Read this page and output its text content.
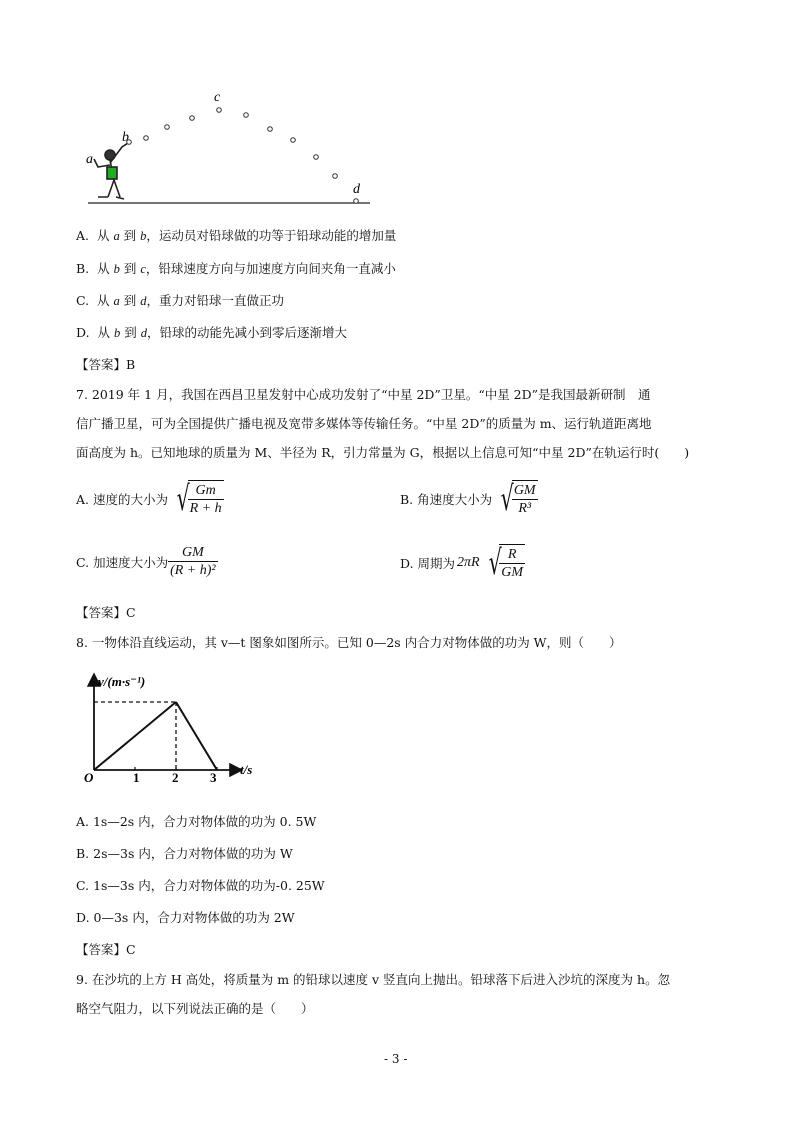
a
b
c
d
A. 从 a 到 b，运动员对铅球做的功等于铅球动能的增加量
B. 从 b 到 c，铅球速度方向与加速度方向间夹角一直减小
C. 从 a 到 d，重力对铅球一直做正功
D. 从 b 到 d，铅球的动能先减小到零后逐渐增大
【答案】B
7. 2019 年 1 月，我国在西昌卫星发射中心成功发射了“中星 2D”卫星。“中星 2D”是我国最新研制　通
信广播卫星，可为全国提供广播电视及宽带多媒体等传输任务。“中星 2D”的质量为 m、运行轨道距离地
面高度为 h。已知地球的质量为 M、半径为 R，引力常量为 G，根据以上信息可知“中星 2D”在轨运行时(　　)
A. 速度的大小为 √
$\frac{Gm}{R + h}$	B. 角速度大小为 √
$\frac{GM}{\text{R³}}$
C. 加速度大小为 $\frac{GM}{\text{(R + h)²}}$	D. 周期为 2πR √
$\frac{R}{GM}$
【答案】C
8. 一物体沿直线运动，其 v—t 图象如图所示。已知 0—2s 内合力对物体做的功为 W，则（　　）
v/(m·s⁻¹)
t/s
O	1	2 3
A. 1s—2s 内，合力对物体做的功为 0. 5W
B. 2s—3s 内，合力对物体做的功为 W
C. 1s—3s 内，合力对物体做的功为-0. 25W
D. 0—3s 内，合力对物体做的功为 2W
【答案】C
9. 在沙坑的上方 H 高处，将质量为 m 的铅球以速度 v 竖直向上抛出。铅球落下后进入沙坑的深度为 h。忽
略空气阻力，以下列说法正确的是（　　）
- 3 -
